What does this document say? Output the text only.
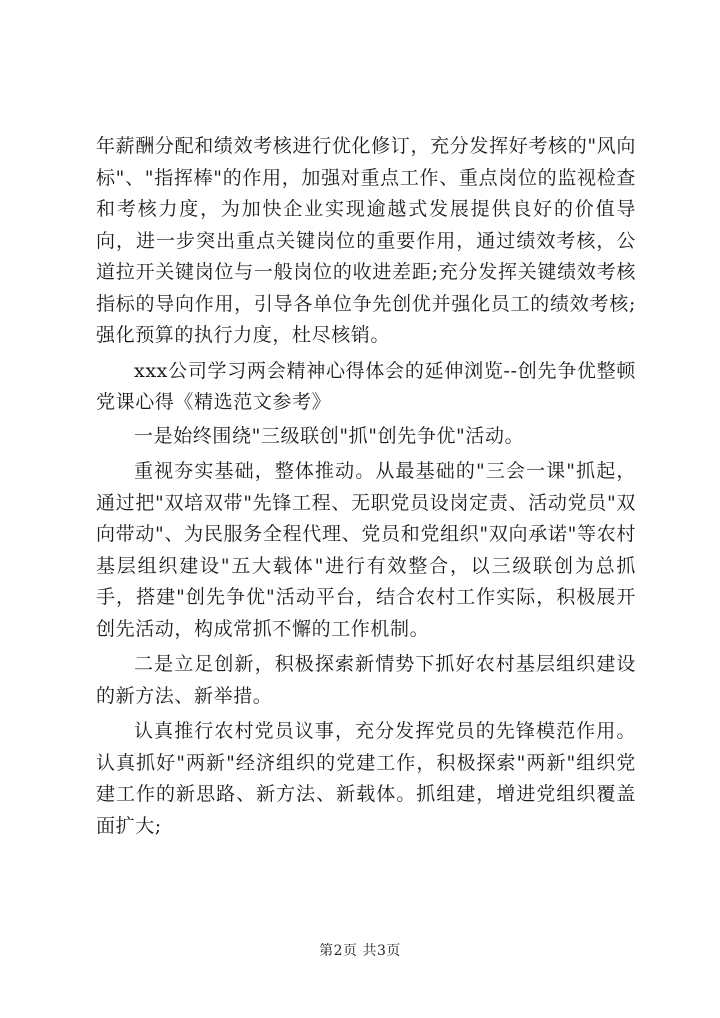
年薪酬分配和绩效考核进行优化修订，充分发挥好考核的"风向标"、"指挥棒"的作用，加强对重点工作、重点岗位的监视检查和考核力度，为加快企业实现逾越式发展提供良好的价值导向，进一步突出重点关键岗位的重要作用，通过绩效考核，公道拉开关键岗位与一般岗位的收进差距;充分发挥关键绩效考核指标的导向作用，引导各单位争先创优并强化员工的绩效考核;强化预算的执行力度，杜尽核销。

xxx公司学习两会精神心得体会的延伸浏览--创先争优整顿党课心得《精选范文参考》

一是始终围绕"三级联创"抓"创先争优"活动。

重视夯实基础，整体推动。从最基础的"三会一课"抓起，通过把"双培双带"先锋工程、无职党员设岗定责、活动党员"双向带动"、为民服务全程代理、党员和党组织"双向承诺"等农村基层组织建设"五大载体"进行有效整合，以三级联创为总抓手，搭建"创先争优"活动平台，结合农村工作实际，积极展开创先活动，构成常抓不懈的工作机制。

二是立足创新，积极探索新情势下抓好农村基层组织建设的新方法、新举措。

认真推行农村党员议事，充分发挥党员的先锋模范作用。认真抓好"两新"经济组织的党建工作，积极探索"两新"组织党建工作的新思路、新方法、新载体。抓组建，增进党组织覆盖面扩大;

第2页 共3页
